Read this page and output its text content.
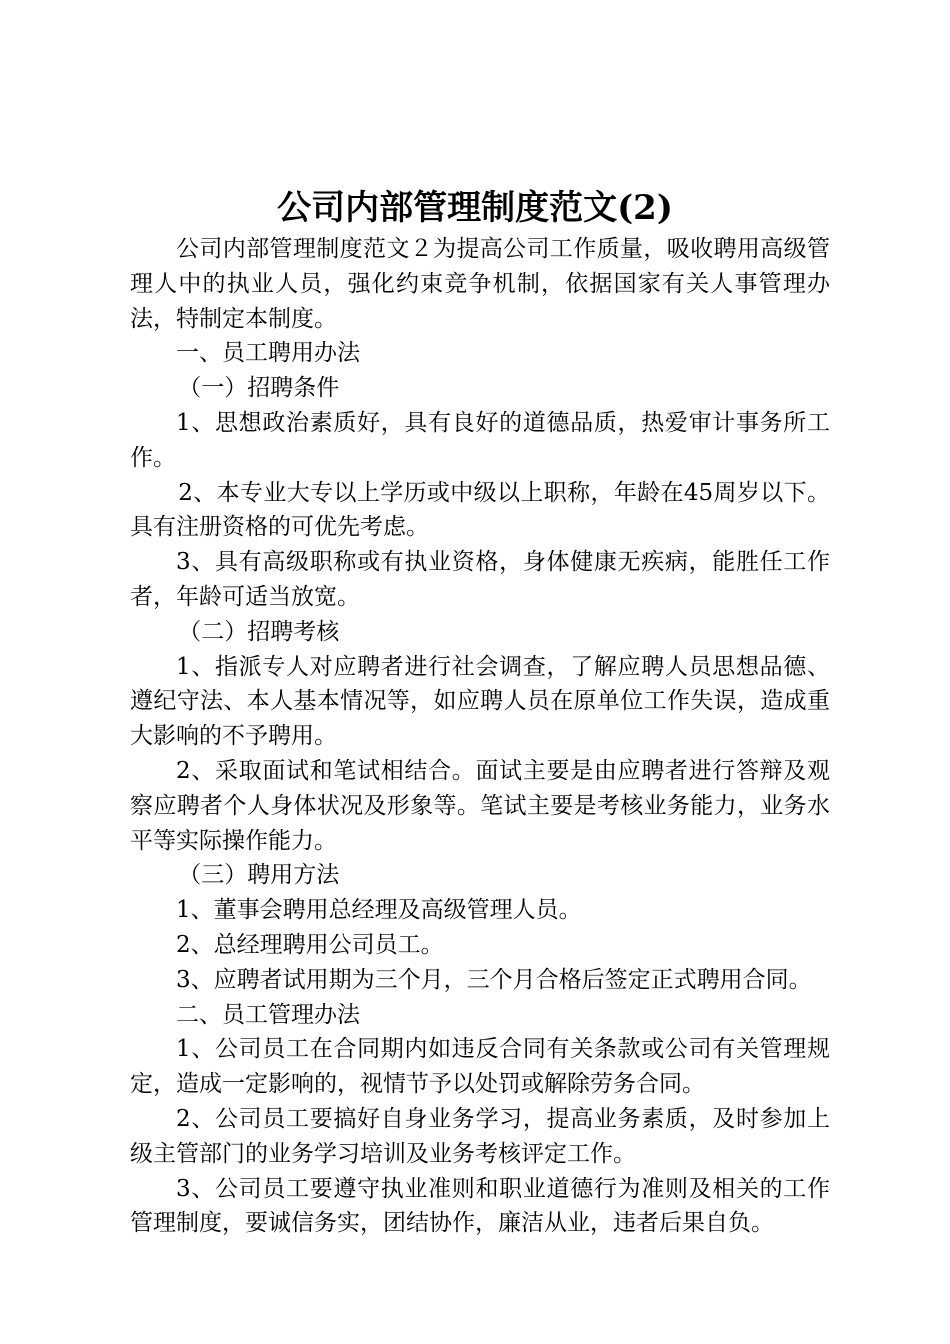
公司内部管理制度范文(2)

公司内部管理制度范文２为提高公司工作质量，吸收聘用高级管理人中的执业人员，强化约束竞争机制，依据国家有关人事管理办法，特制定本制度。

一、员工聘用办法

（一）招聘条件

1、思想政治素质好，具有良好的道德品质，热爱审计事务所工作。

2、本专业大专以上学历或中级以上职称，年龄在45周岁以下。具有注册资格的可优先考虑。

3、具有高级职称或有执业资格，身体健康无疾病，能胜任工作者，年龄可适当放宽。

（二）招聘考核

1、指派专人对应聘者进行社会调查，了解应聘人员思想品德、遵纪守法、本人基本情况等，如应聘人员在原单位工作失误，造成重大影响的不予聘用。

2、采取面试和笔试相结合。面试主要是由应聘者进行答辩及观察应聘者个人身体状况及形象等。笔试主要是考核业务能力，业务水平等实际操作能力。

（三）聘用方法

1、董事会聘用总经理及高级管理人员。

2、总经理聘用公司员工。

3、应聘者试用期为三个月，三个月合格后签定正式聘用合同。

二、员工管理办法

1、公司员工在合同期内如违反合同有关条款或公司有关管理规定，造成一定影响的，视情节予以处罚或解除劳务合同。

2、公司员工要搞好自身业务学习，提高业务素质，及时参加上级主管部门的业务学习培训及业务考核评定工作。

3、公司员工要遵守执业准则和职业道德行为准则及相关的工作管理制度，要诚信务实，团结协作，廉洁从业，违者后果自负。
